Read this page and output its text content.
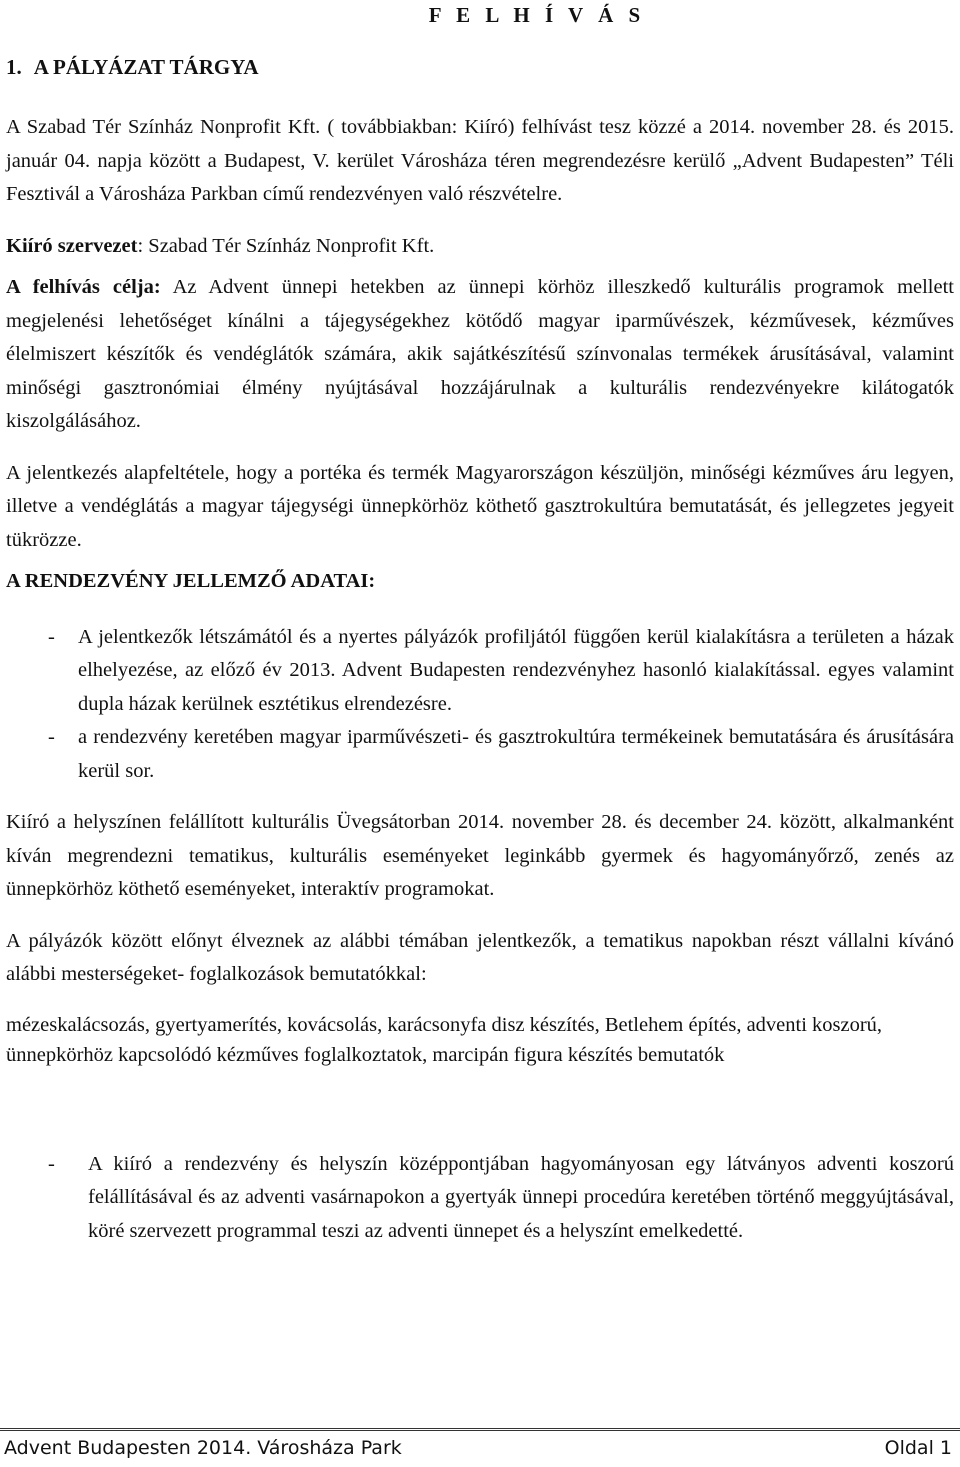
F E L H Í V Á S
1. A PÁLYÁZAT TÁRGYA

A Szabad Tér Színház Nonprofit Kft. ( továbbiakban: Kiíró) felhívást tesz közzé a 2014. november 28. és 2015. január 04. napja között a Budapest, V. kerület Városháza téren megrendezésre kerülő „Advent Budapesten” Téli Fesztivál a Városháza Parkban című rendezvényen való részvételre.

Kiíró szervezet: Szabad Tér Színház Nonprofit Kft.

A felhívás célja: Az Advent ünnepi hetekben az ünnepi körhöz illeszkedő kulturális programok mellett megjelenési lehetőséget kínálni a tájegységekhez kötődő magyar iparművészek, kézművesek, kézműves élelmiszert készítők és vendéglátók számára, akik sajátkészítésű színvonalas termékek árusításával, valamint minőségi gasztronómiai élmény nyújtásával hozzájárulnak a kulturális rendezvényekre kilátogatók kiszolgálásához.

A jelentkezés alapfeltétele, hogy a portéka és termék Magyarországon készüljön, minőségi kézműves áru legyen, illetve a vendéglátás a magyar tájegységi ünnepkörhöz köthető gasztrokultúra bemutatását, és jellegzetes jegyeit tükrözze.

A RENDEZVÉNY JELLEMZŐ ADATAI:
- A jelentkezők létszámától és a nyertes pályázók profiljától függően kerül kialakításra a területen a házak elhelyezése, az előző év 2013. Advent Budapesten rendezvényhez hasonló kialakítással. egyes valamint dupla házak kerülnek esztétikus elrendezésre.
- a rendezvény keretében magyar iparművészeti- és gasztrokultúra termékeinek bemutatására és árusítására kerül sor.

Kiíró a helyszínen felállított kulturális Üvegsátorban 2014. november 28. és december 24. között, alkalmanként kíván megrendezni tematikus, kulturális eseményeket leginkább gyermek és hagyományőrző, zenés az ünnepkörhöz köthető eseményeket, interaktív programokat.

A pályázók között előnyt élveznek az alábbi témában jelentkezők, a tematikus napokban részt vállalni kívánó alábbi mesterségeket- foglalkozások bemutatókkal:

mézeskalácsozás, gyertyamerítés, kovácsolás, karácsonyfa disz készítés, Betlehem építés, adventi koszorú, ünnepkörhöz kapcsolódó kézműves foglalkoztatok, marcipán figura készítés bemutatók

- A kiíró a rendezvény és helyszín középpontjában hagyományosan egy látványos adventi koszorú felállításával és az adventi vasárnapokon a gyertyák ünnepi procedúra keretében történő meggyújtásával, köré szervezett programmal teszi az adventi ünnepet és a helyszínt emelkedetté.
Advent Budapesten 2014. Városháza Park	Oldal 1
